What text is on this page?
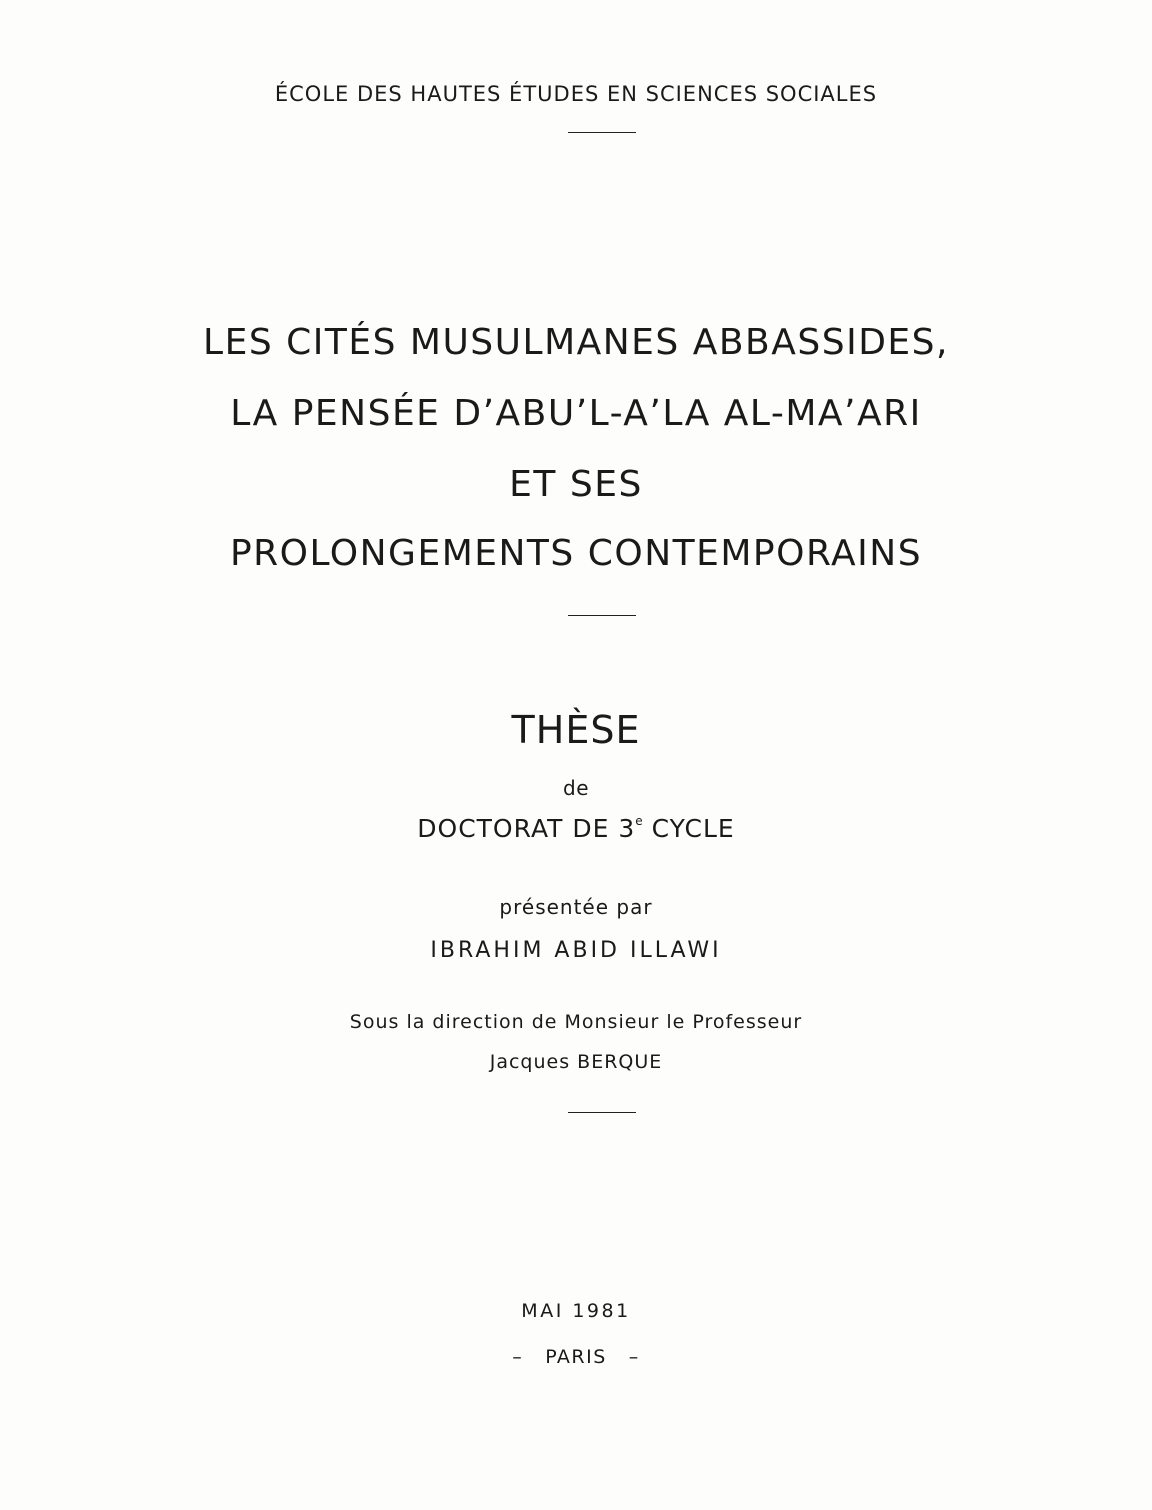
ÉCOLE DES HAUTES ÉTUDES EN SCIENCES SOCIALES
LES CITÉS MUSULMANES ABBASSIDES,
LA PENSÉE D’ABU’L-A’LA AL-MA’ARI
ET SES
PROLONGEMENTS CONTEMPORAINS
THÈSE
de
DOCTORAT DE 3e CYCLE
présentée par
IBRAHIM ABID ILLAWI
Sous la direction de Monsieur le Professeur
Jacques BERQUE
MAI 1981
– PARIS –
